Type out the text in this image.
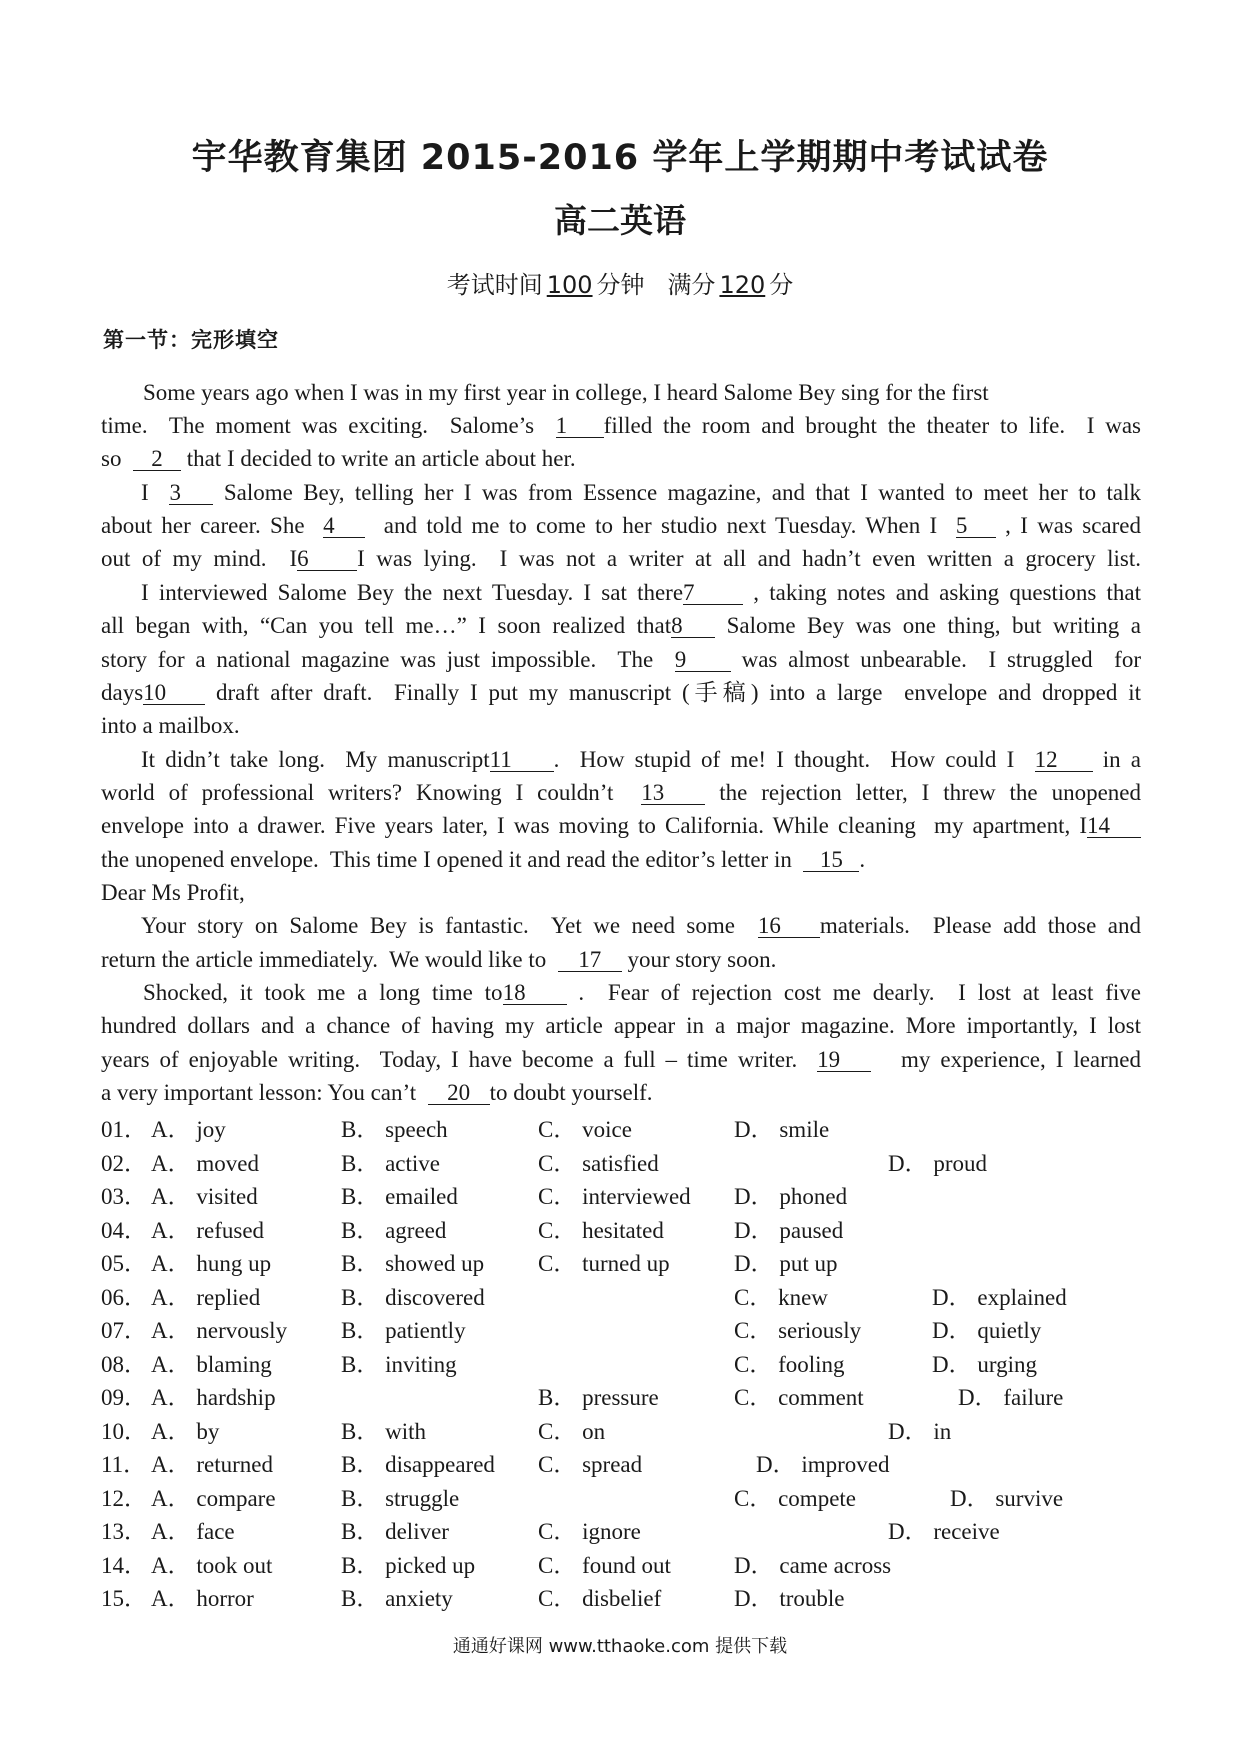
宇华教育集团 2015-2016 学年上学期期中考试试卷
高二英语
考试时间 100 分钟 满分 120 分
第一节：完形填空
Some years ago when I was in my first year in college, I heard Salome Bey sing for the first
time.  The moment was exciting.  Salome’s  1 filled the room and brought the theater to life.  I was
so  2 that I decided to write an article about her.
I  3 Salome Bey, telling her I was from Essence magazine, and that I wanted to meet her to talk
about her career. She  4  and told me to come to her studio next Tuesday. When I  5 , I was scared
out of my mind.  I6 I was lying.  I was not a writer at all and hadn’t even written a grocery list.
I interviewed Salome Bey the next Tuesday. I sat there7 , taking notes and asking questions that
all began with, “Can you tell me…” I soon realized that8 Salome Bey was one thing, but writing a
story for a national magazine was just impossible.  The  9 was almost unbearable.  I struggled  for
days10 draft after draft.  Finally I put my manuscript (手稿) into a large  envelope and dropped it
into a mailbox.
It didn’t take long.  My manuscript11 .  How stupid of me! I thought.  How could I  12 in a
world of professional writers? Knowing I couldn’t  13 the rejection letter, I threw the unopened
envelope into a drawer. Five years later, I was moving to California. While cleaning  my apartment, I14
the unopened envelope.  This time I opened it and read the editor’s letter in  15 .
Dear Ms Profit,
Your story on Salome Bey is fantastic.  Yet we need some  16 materials.  Please add those and
return the article immediately.  We would like to  17 your story soon.
Shocked, it took me a long time to18 .  Fear of rejection cost me dearly.  I lost at least five
hundred dollars and a chance of having my article appear in a major magazine. More importantly, I lost
years of enjoyable writing.  Today, I have become a full – time writer.  19   my experience, I learned
a very important lesson: You can’t  20 to doubt yourself.
01． A． joy	B． speech	C． voice	D． smile
02． A． moved	B． active	C． satisfied	D． proud
03． A． visited	B． emailed	C． interviewed D． phoned
04． A． refused	B． agreed	C． hesitated	D． paused
05． A． hung up	B． showed up C． turned up	D． put up
06． A． replied	B． discovered	C． knew	D． explained
07． A． nervously B． patiently	C． seriously	D． quietly
08． A． blaming	B． inviting	C． fooling	D． urging
09． A． hardship	B． pressure	C． comment	D． failure
10． A． by	B． with	C． on	D． in
11． A． returned	B． disappeared C． spread	D． improved
12． A． compare	B． struggle	C． compete	D． survive
13． A． face	B． deliver	C． ignore	D． receive
14． A． took out	B． picked up	C． found out	D． came across
15． A． horror	B． anxiety	C． disbelief	D． trouble
通通好课网 www.tthaoke.com 提供下载
